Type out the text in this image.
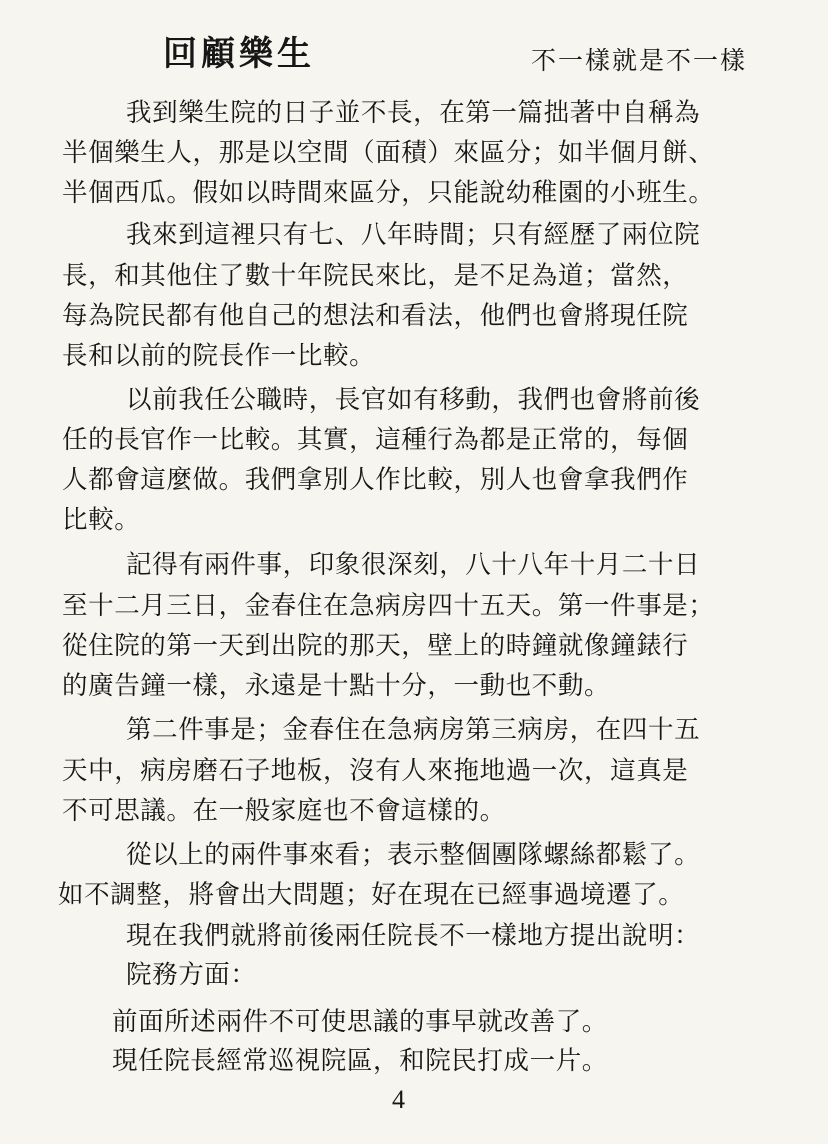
回顧樂生	不一樣就是不一樣
我到樂生院的日子並不長，在第一篇拙著中自稱為
半個樂生人，那是以空間（面積）來區分；如半個月餅、
半個西瓜。假如以時間來區分，只能說幼稚園的小班生。
我來到這裡只有七、八年時間；只有經歷了兩位院
長，和其他住了數十年院民來比，是不足為道；當然，
每為院民都有他自己的想法和看法，他們也會將現任院
長和以前的院長作一比較。
以前我任公職時，長官如有移動，我們也會將前後
任的長官作一比較。其實，這種行為都是正常的，每個
人都會這麼做。我們拿別人作比較，別人也會拿我們作
比較。
記得有兩件事，印象很深刻，八十八年十月二十日
至十二月三日，金春住在急病房四十五天。第一件事是；
從住院的第一天到出院的那天，壁上的時鐘就像鐘錶行
的廣告鐘一樣，永遠是十點十分，一動也不動。
第二件事是；金春住在急病房第三病房，在四十五
天中，病房磨石子地板，沒有人來拖地過一次，這真是
不可思議。在一般家庭也不會這樣的。
從以上的兩件事來看；表示整個團隊螺絲都鬆了。
如不調整，將會出大問題；好在現在已經事過境遷了。
現在我們就將前後兩任院長不一樣地方提出說明：
院務方面：
前面所述兩件不可使思議的事早就改善了。
現任院長經常巡視院區，和院民打成一片。
4
